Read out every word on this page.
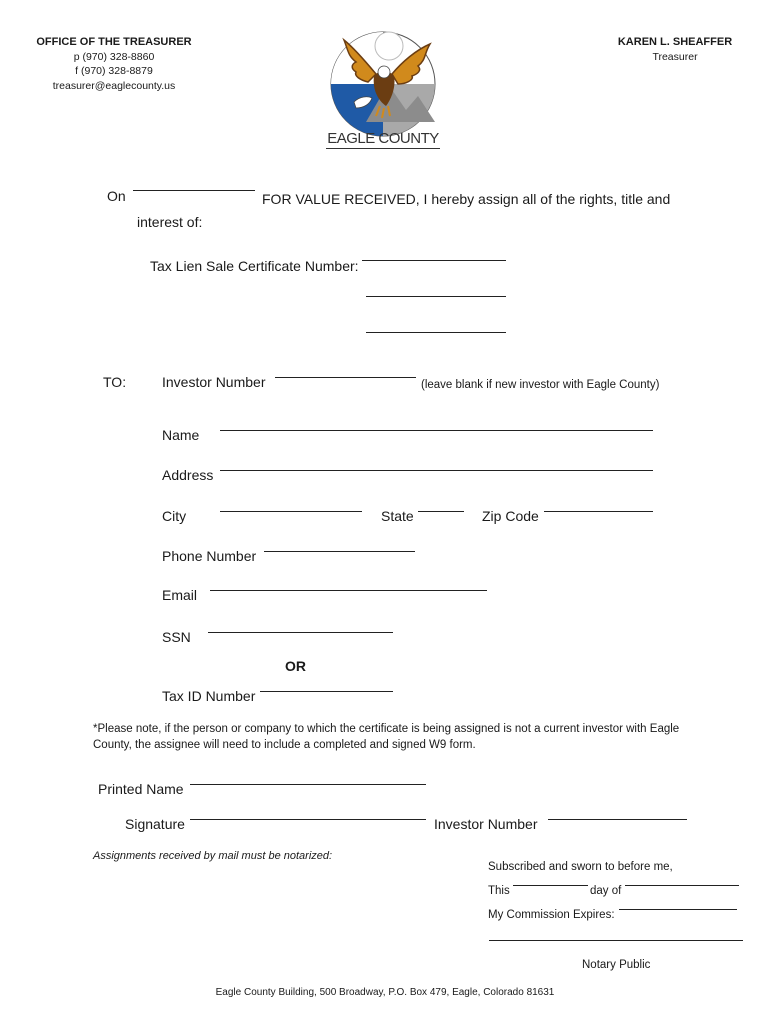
OFFICE OF THE TREASURER
p (970) 328-8860
f (970) 328-8879
treasurer@eaglecounty.us
KAREN L. SHEAFFER
Treasurer
EAGLE COUNTY
On	FOR VALUE RECEIVED, I hereby assign all of the rights, title and
interest of:
Tax Lien Sale Certificate Number:
TO:	Investor Number	(leave blank if new investor with Eagle County)
Name
Address
City	State	Zip Code
Phone Number
Email
SSN
OR
Tax ID Number
*Please note, if the person or company to which the certificate is being assigned is not a current investor with Eagle
County, the assignee will need to include a completed and signed W9 form.
Printed Name
Signature	Investor Number
Assignments received by mail must be notarized:
Subscribed and sworn to before me,
This	day of
My Commission Expires:
Notary Public
Eagle County Building, 500 Broadway, P.O. Box 479, Eagle, Colorado 81631
